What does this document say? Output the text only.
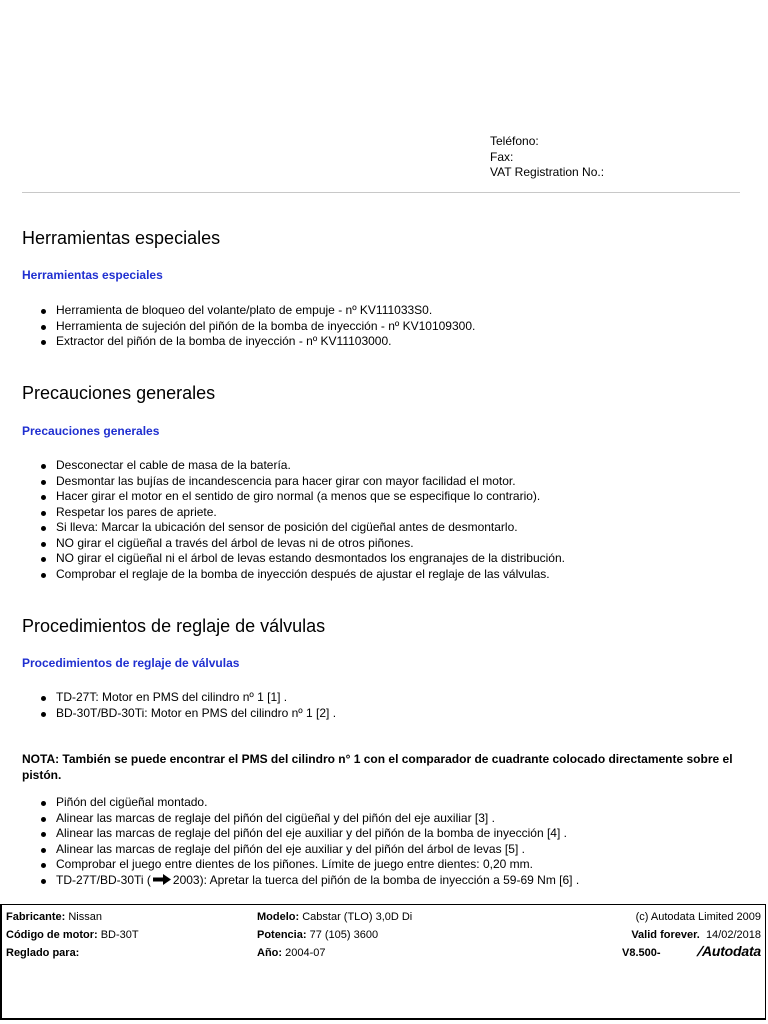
Teléfono:
Fax:
VAT Registration No.:
Herramientas especiales
Herramientas especiales
Herramienta de bloqueo del volante/plato de empuje - nº KV111033S0.
Herramienta de sujeción del piñón de la bomba de inyección - nº KV10109300.
Extractor del piñón de la bomba de inyección - nº KV11103000.
Precauciones generales
Precauciones generales
Desconectar el cable de masa de la batería.
Desmontar las bujías de incandescencia para hacer girar con mayor facilidad el motor.
Hacer girar el motor en el sentido de giro normal (a menos que se especifique lo contrario).
Respetar los pares de apriete.
Si lleva: Marcar la ubicación del sensor de posición del cigüeñal antes de desmontarlo.
NO girar el cigüeñal a través del árbol de levas ni de otros piñones.
NO girar el cigüeñal ni el árbol de levas estando desmontados los engranajes de la distribución.
Comprobar el reglaje de la bomba de inyección después de ajustar el reglaje de las válvulas.
Procedimientos de reglaje de válvulas
Procedimientos de reglaje de válvulas
TD-27T: Motor en PMS del cilindro nº 1 [1] .
BD-30T/BD-30Ti: Motor en PMS del cilindro nº 1 [2] .

NOTA: También se puede encontrar el PMS del cilindro n° 1 con el comparador de cuadrante colocado directamente sobre el pistón.

Piñón del cigüeñal montado.
Alinear las marcas de reglaje del piñón del cigüeñal y del piñón del eje auxiliar [3] .
Alinear las marcas de reglaje del piñón del eje auxiliar y del piñón de la bomba de inyección [4] .
Alinear las marcas de reglaje del piñón del eje auxiliar y del piñón del árbol de levas [5] .
Comprobar el juego entre dientes de los piñones. Límite de juego entre dientes: 0,20 mm.
TD-27T/BD-30Ti ( 2003): Apretar la tuerca del piñón de la bomba de inyección a 59-69 Nm [6] .
Fabricante: Nissan
Código de motor: BD-30T
Reglado para:
Modelo: Cabstar (TLO) 3,0D Di
Potencia: 77 (105) 3600
Año: 2004-07
(c) Autodata Limited 2009
Valid forever. 14/02/2018
V8.500-	/Autodata
